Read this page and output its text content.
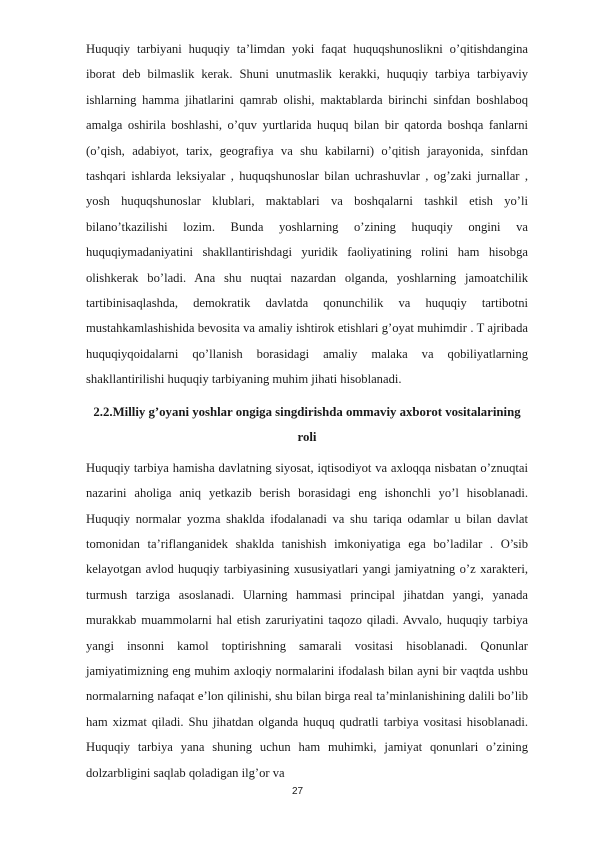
Huquqiy tarbiyani huquqiy ta’limdan yoki faqat huquqshunoslikni o’qitishdangina iborat deb bilmaslik kerak. Shuni unutmaslik kerakki, huquqiy tarbiya tarbiyaviy ishlarning hamma jihatlarini qamrab olishi, maktablarda birinchi sinfdan boshlaboq amalga oshirila boshlashi, o’quv yurtlarida huquq bilan bir qatorda boshqa fanlarni (o’qish, adabiyot, tarix, geografiya va shu kabilarni) o’qitish jarayonida, sinfdan tashqari ishlarda leksiyalar , huquqshunoslar bilan uchrashuvlar , og’zaki jurnallar , yosh huquqshunoslar klublari, maktablari va boshqalarni tashkil etish yo’li bilano’tkazilishi lozim. Bunda yoshlarning o’zining huquqiy ongini va huquqiymadaniyatini shakllantirishdagi yuridik faoliyatining rolini ham hisobga olishkerak bo’ladi. Ana shu nuqtai nazardan olganda, yoshlarning jamoatchilik tartibinisaqlashda, demokratik davlatda qonunchilik va huquqiy tartibotni mustahkamlashishida bevosita va amaliy ishtirok etishlari g’oyat muhimdir . T ajribada huquqiyqoidalarni qo’llanish borasidagi amaliy malaka va qobiliyatlarning shakllantirilishi huquqiy tarbiyaning muhim jihati hisoblanadi.

2.2.Milliy g’oyani yoshlar ongiga singdirishda ommaviy axborot vositalarining roli

Huquqiy tarbiya hamisha davlatning siyosat, iqtisodiyot va axloqqa nisbatan o’znuqtai nazarini aholiga aniq yetkazib berish borasidagi eng ishonchli yo’l hisoblanadi. Huquqiy normalar yozma shaklda ifodalanadi va shu tariqa odamlar u bilan davlat tomonidan ta’riflanganidek shaklda tanishish imkoniyatiga ega bo’ladilar . O’sib kelayotgan avlod huquqiy tarbiyasining xususiyatlari yangi jamiyatning o’z xarakteri, turmush tarziga asoslanadi. Ularning hammasi principal jihatdan yangi, yanada murakkab muammolarni hal etish zaruriyatini taqozo qiladi. Avvalo, huquqiy tarbiya yangi insonni kamol toptirishning samarali vositasi hisoblanadi. Qonunlar jamiyatimizning eng muhim axloqiy normalarini ifodalash bilan ayni bir vaqtda ushbu normalarning nafaqat e’lon qilinishi, shu bilan birga real ta’minlanishining dalili bo’lib ham xizmat qiladi. Shu jihatdan olganda huquq qudratli tarbiya vositasi hisoblanadi. Huquqiy tarbiya yana shuning uchun ham muhimki, jamiyat qonunlari o’zining dolzarbligini saqlab qoladigan ilg’or va

27
